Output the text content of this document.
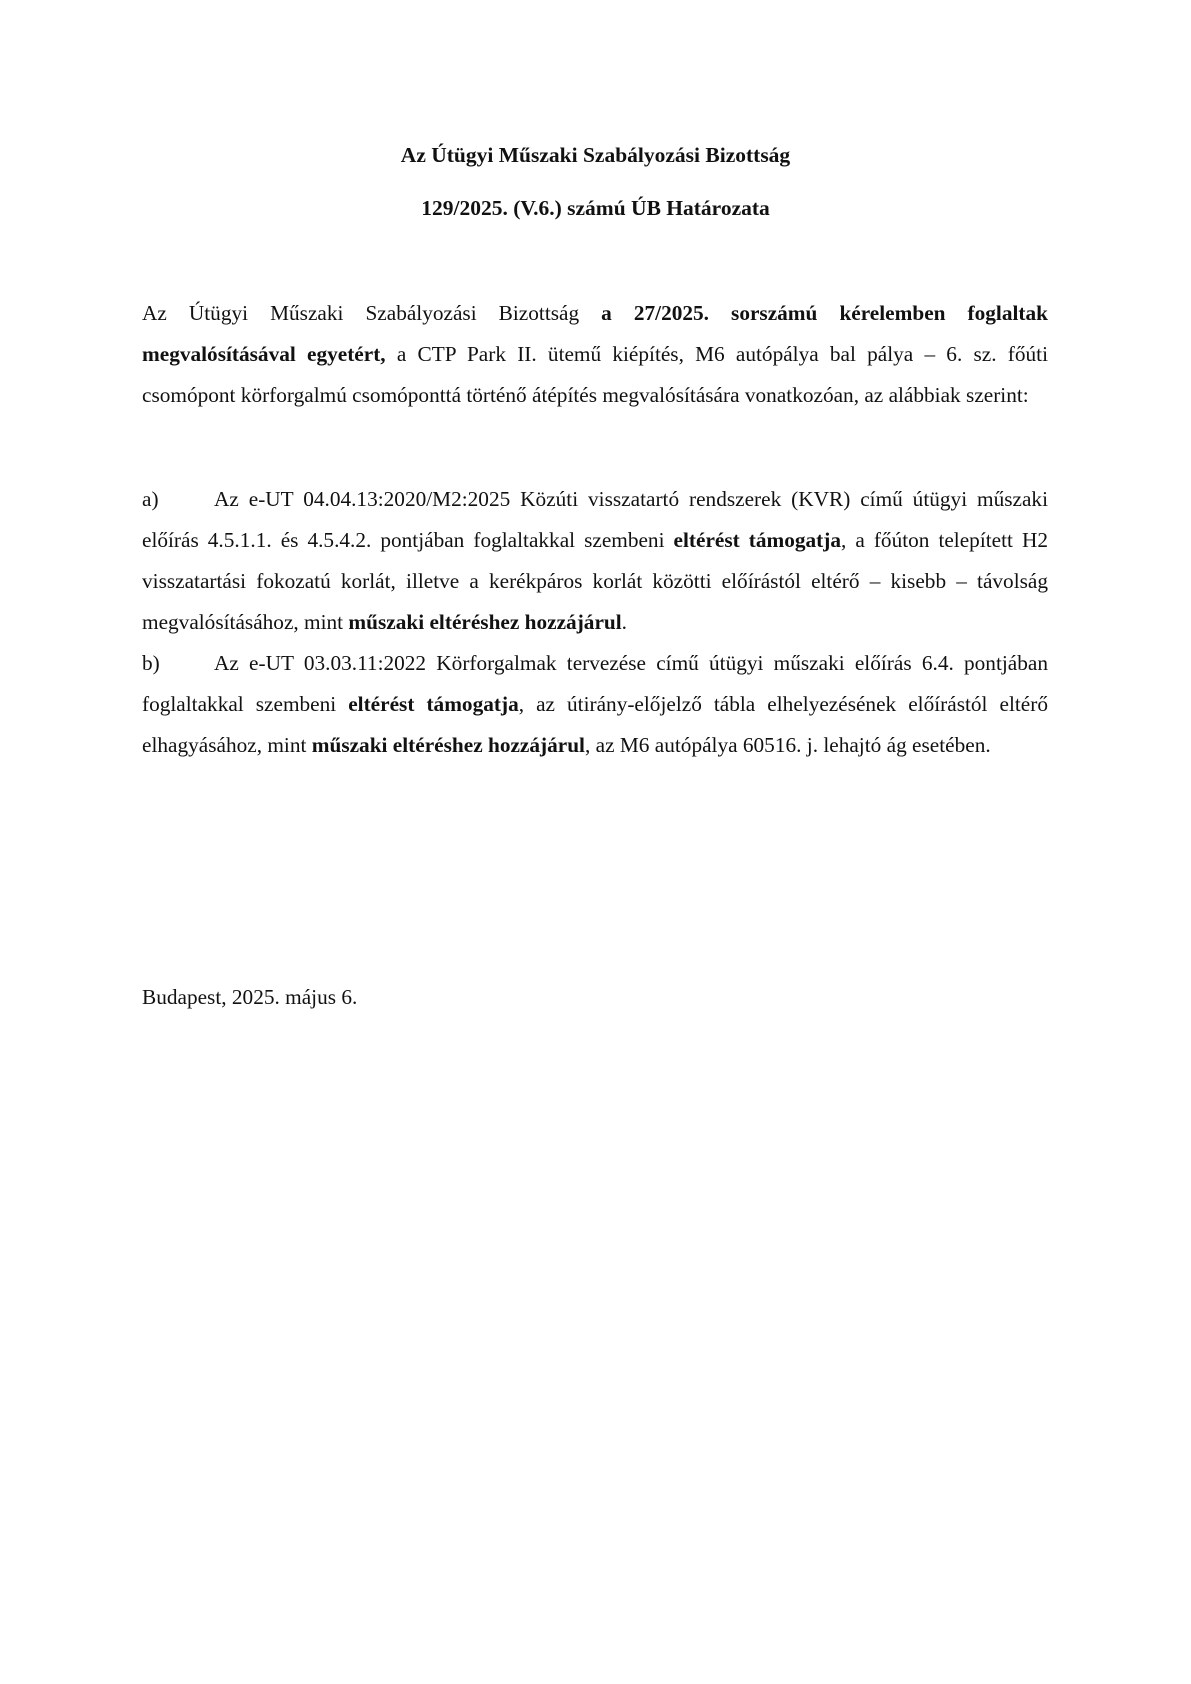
Az Útügyi Műszaki Szabályozási Bizottság
129/2025. (V.6.) számú ÚB Határozata
Az Útügyi Műszaki Szabályozási Bizottság a 27/2025. sorszámú kérelemben foglaltak megvalósításával egyetért, a CTP Park II. ütemű kiépítés, M6 autópálya bal pálya – 6. sz. főúti csomópont körforgalmú csomóponttá történő átépítés megvalósítására vonatkozóan, az alábbiak szerint:
a)	Az e-UT 04.04.13:2020/M2:2025 Közúti visszatartó rendszerek (KVR) című útügyi műszaki előírás 4.5.1.1. és 4.5.4.2. pontjában foglaltakkal szembeni eltérést támogatja, a főúton telepített H2 visszatartási fokozatú korlát, illetve a kerékpáros korlát közötti előírástól eltérő – kisebb – távolság megvalósításához, mint műszaki eltéréshez hozzájárul.
b)	Az e-UT 03.03.11:2022 Körforgalmak tervezése című útügyi műszaki előírás 6.4. pontjában foglaltakkal szembeni eltérést támogatja, az útirány-előjelző tábla elhelyezésének előírástól eltérő elhagyásához, mint műszaki eltéréshez hozzájárul, az M6 autópálya 60516. j. lehajtó ág esetében.
Budapest, 2025. május 6.
